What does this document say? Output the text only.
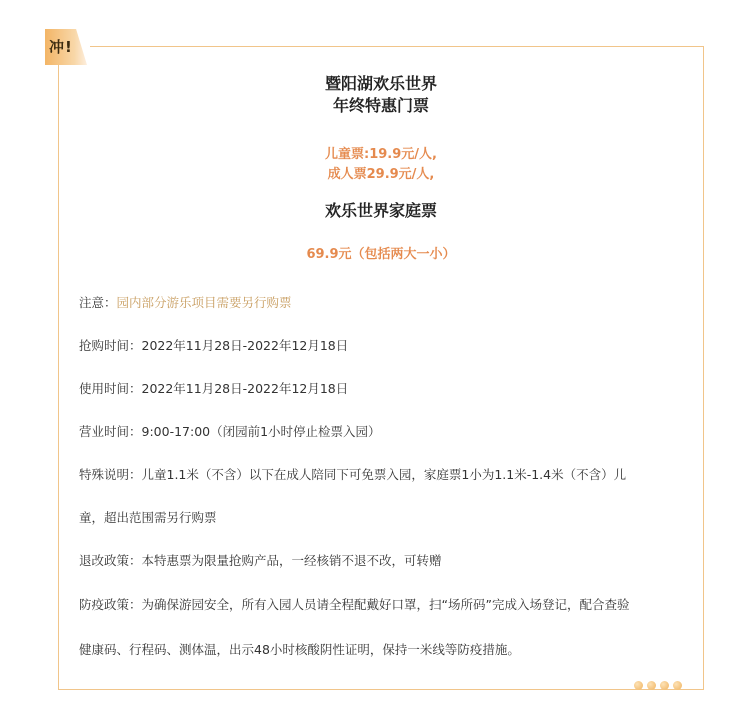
冲!
暨阳湖欢乐世界
年终特惠门票
儿童票:19.9元/人,
成人票29.9元/人,
欢乐世界家庭票
69.9元（包括两大一小）
注意：园内部分游乐项目需要另行购票
抢购时间：2022年11月28日-2022年12月18日
使用时间：2022年11月28日-2022年12月18日
营业时间：9:00-17:00（闭园前1小时停止检票入园）
特殊说明：儿童1.1米（不含）以下在成人陪同下可免票入园，家庭票1小为1.1米-1.4米（不含）儿
童，超出范围需另行购票
退改政策：本特惠票为限量抢购产品，一经核销不退不改，可转赠
防疫政策：为确保游园安全，所有入园人员请全程配戴好口罩，扫“场所码”完成入场登记，配合查验
健康码、行程码、测体温，出示48小时核酸阴性证明，保持一米线等防疫措施。
